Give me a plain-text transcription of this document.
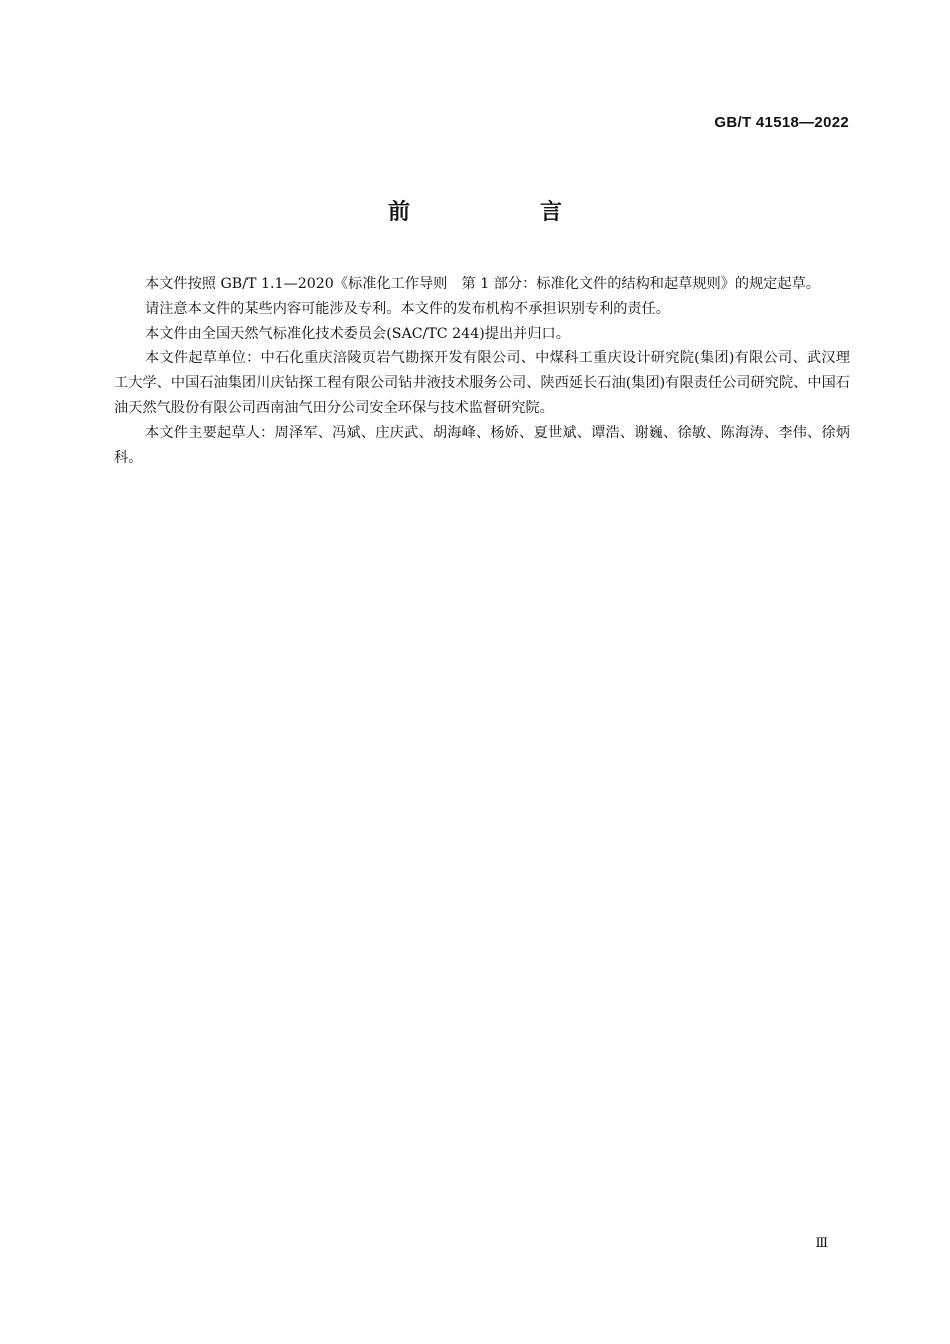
GB/T 41518—2022
前　言

本文件按照 GB/T 1.1—2020《标准化工作导则　第 1 部分：标准化文件的结构和起草规则》的规定起草。

请注意本文件的某些内容可能涉及专利。本文件的发布机构不承担识别专利的责任。

本文件由全国天然气标准化技术委员会(SAC/TC 244)提出并归口。

本文件起草单位：中石化重庆涪陵页岩气勘探开发有限公司、中煤科工重庆设计研究院(集团)有限公司、武汉理工大学、中国石油集团川庆钻探工程有限公司钻井液技术服务公司、陕西延长石油(集团)有限责任公司研究院、中国石油天然气股份有限公司西南油气田分公司安全环保与技术监督研究院。

本文件主要起草人：周泽军、冯斌、庄庆武、胡海峰、杨娇、夏世斌、谭浩、谢巍、徐敏、陈海涛、李伟、徐炳科。

Ⅲ
